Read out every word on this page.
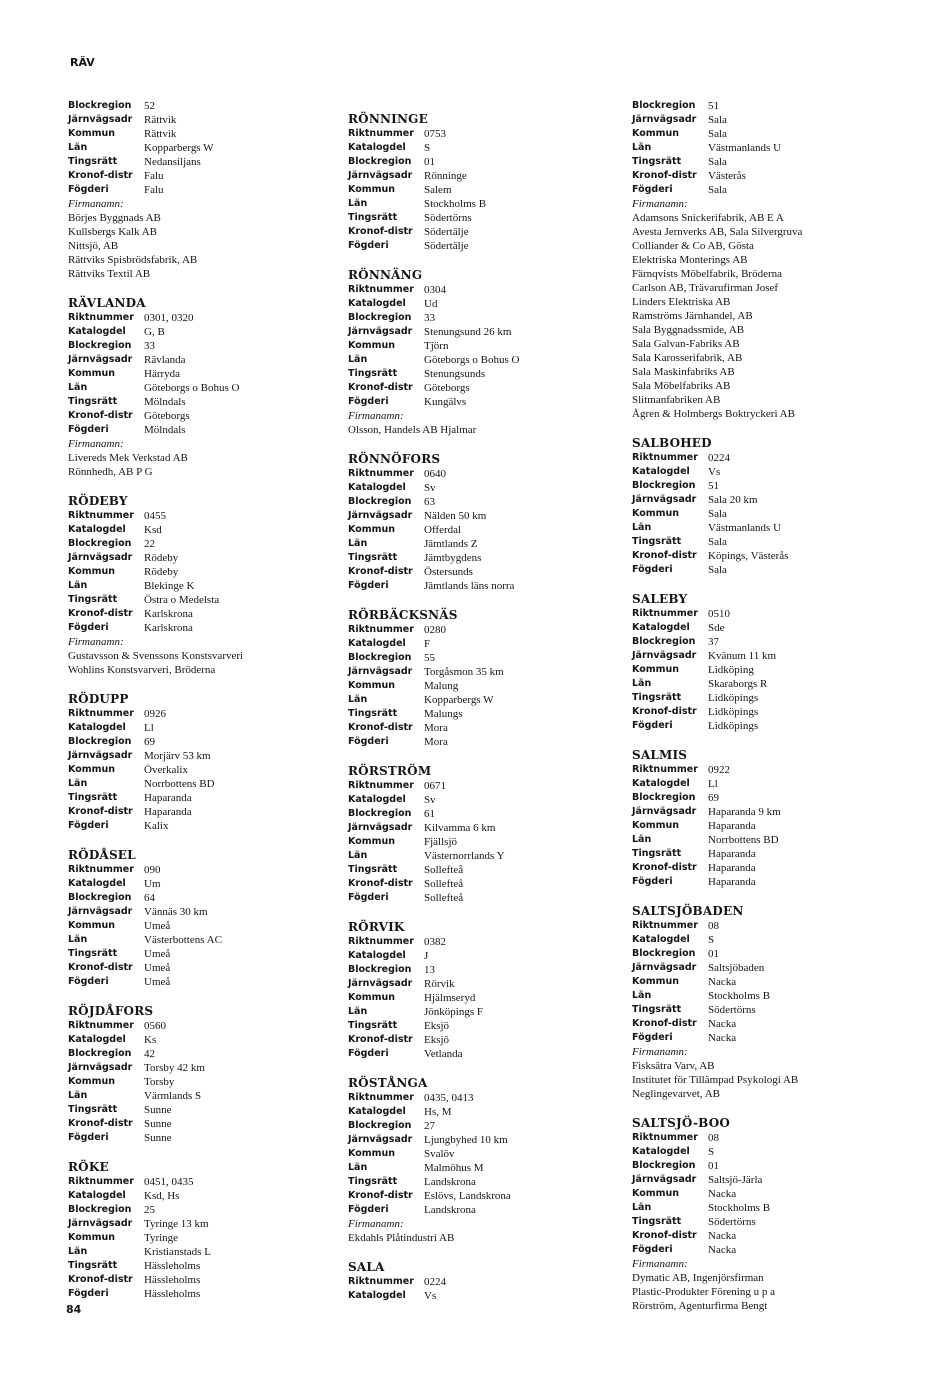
RÄV
Blockregion	52
Järnvägsadr	Rättvik
Kommun	Rättvik
Län	Kopparbergs W
Tingsrätt	Nedansiljans
Kronof-distr	Falu
Fögderi	Falu
Firmanamn:
Börjes Byggnads AB
Kullsbergs Kalk AB
Nittsjö, AB
Rättviks Spisbrödsfabrik, AB
Rättviks Textil AB
RÄVLANDA
Riktnummer 0301, 0320
Katalogdel	G, B
Blockregion	33
Järnvägsadr	Rävlanda
Kommun	Härryda
Län	Göteborgs o Bohus O
Tingsrätt	Mölndals
Kronof-distr	Göteborgs
Fögderi	Mölndals
Firmanamn:
Livereds Mek Verkstad AB
Rönnhedh, AB P G
RÖDEBY
Riktnummer 0455
Katalogdel	Ksd
Blockregion	22
Järnvägsadr	Rödeby
Kommun	Rödeby
Län	Blekinge K
Tingsrätt	Östra o Medelsta
Kronof-distr	Karlskrona
Fögderi	Karlskrona
Firmanamn:
Gustavsson & Svenssons Konstsvarveri
Wohlins Konstsvarveri, Bröderna
RÖDUPP
Riktnummer 0926
Katalogdel	Ll
Blockregion	69
Järnvägsadr	Morjärv 53 km
Kommun	Överkalix
Län	Norrbottens BD
Tingsrätt	Haparanda
Kronof-distr	Haparanda
Fögderi	Kalix
RÖDÅSEL
Riktnummer 090
Katalogdel	Um
Blockregion	64
Järnvägsadr	Vännäs 30 km
Kommun	Umeå
Län	Västerbottens AC
Tingsrätt	Umeå
Kronof-distr	Umeå
Fögderi	Umeå
RÖJDÅFORS
Riktnummer 0560
Katalogdel	Ks
Blockregion	42
Järnvägsadr	Torsby 42 km
Kommun	Torsby
Län	Värmlands S
Tingsrätt	Sunne
Kronof-distr	Sunne
Fögderi	Sunne
RÖKE
Riktnummer 0451, 0435
Katalogdel	Ksd, Hs
Blockregion	25
Järnvägsadr	Tyringe 13 km
Kommun	Tyringe
Län	Kristianstads L
Tingsrätt	Hässleholms
Kronof-distr	Hässleholms
Fögderi	Hässleholms
RÖNNINGE
Riktnummer 0753
Katalogdel	S
Blockregion	01
Järnvägsadr	Rönninge
Kommun	Salem
Län	Stockholms B
Tingsrätt	Södertörns
Kronof-distr	Södertälje
Fögderi	Södertälje
RÖNNÄNG
Riktnummer 0304
Katalogdel	Ud
Blockregion	33
Järnvägsadr	Stenungsund 26 km
Kommun	Tjörn
Län	Göteborgs o Bohus O
Tingsrätt	Stenungsunds
Kronof-distr	Göteborgs
Fögderi	Kungälvs
Firmanamn:
Olsson, Handels AB Hjalmar
RÖNNÖFORS
Riktnummer 0640
Katalogdel	Sv
Blockregion	63
Järnvägsadr	Nälden 50 km
Kommun	Offerdal
Län	Jämtlands Z
Tingsrätt	Jämtbygdens
Kronof-distr	Östersunds
Fögderi	Jämtlands läns norra
RÖRBÄCKSNÄS
Riktnummer 0280
Katalogdel	F
Blockregion	55
Järnvägsadr	Torgåsmon 35 km
Kommun	Malung
Län	Kopparbergs W
Tingsrätt	Malungs
Kronof-distr	Mora
Fögderi	Mora
RÖRSTRÖM
Riktnummer 0671
Katalogdel	Sv
Blockregion	61
Järnvägsadr	Kilvamma 6 km
Kommun	Fjällsjö
Län	Västernorrlands Y
Tingsrätt	Sollefteå
Kronof-distr	Sollefteå
Fögderi	Sollefteå
RÖRVIK
Riktnummer 0382
Katalogdel	J
Blockregion	13
Järnvägsadr	Rörvik
Kommun	Hjälmseryd
Län	Jönköpings F
Tingsrätt	Eksjö
Kronof-distr	Eksjö
Fögderi	Vetlanda
RÖSTÅNGA
Riktnummer 0435, 0413
Katalogdel	Hs, M
Blockregion	27
Järnvägsadr	Ljungbyhed 10 km
Kommun	Svalöv
Län	Malmöhus M
Tingsrätt	Landskrona
Kronof-distr	Eslövs, Landskrona
Fögderi	Landskrona
Firmanamn:
Ekdahls Plåtindustri AB
SALA
Riktnummer 0224
Katalogdel	Vs
Blockregion	51
Järnvägsadr	Sala
Kommun	Sala
Län	Västmanlands U
Tingsrätt	Sala
Kronof-distr	Västerås
Fögderi	Sala
Firmanamn:
Adamsons Snickerifabrik, AB E A
Avesta Jernverks AB, Sala Silvergruva
Colliander & Co AB, Gösta
Elektriska Monterings AB
Färnqvists Möbelfabrik, Bröderna
Carlson AB, Trävarufirman Josef
Linders Elektriska AB
Ramströms Järnhandel, AB
Sala Byggnadssmide, AB
Sala Galvan-Fabriks AB
Sala Karosserifabrik, AB
Sala Maskinfabriks AB
Sala Möbelfabriks AB
Slitmanfabriken AB
Ågren & Holmbergs Boktryckeri AB
SALBOHED
Riktnummer 0224
Katalogdel	Vs
Blockregion	51
Järnvägsadr	Sala 20 km
Kommun	Sala
Län	Västmanlands U
Tingsrätt	Sala
Kronof-distr	Köpings, Västerås
Fögderi	Sala
SALEBY
Riktnummer 0510
Katalogdel	Sde
Blockregion	37
Järnvägsadr	Kvänum 11 km
Kommun	Lidköping
Län	Skaraborgs R
Tingsrätt	Lidköpings
Kronof-distr	Lidköpings
Fögderi	Lidköpings
SALMIS
Riktnummer 0922
Katalogdel	Ll
Blockregion	69
Järnvägsadr	Haparanda 9 km
Kommun	Haparanda
Län	Norrbottens BD
Tingsrätt	Haparanda
Kronof-distr	Haparanda
Fögderi	Haparanda
SALTSJÖBADEN
Riktnummer 08
Katalogdel	S
Blockregion	01
Järnvägsadr	Saltsjöbaden
Kommun	Nacka
Län	Stockholms B
Tingsrätt	Södertörns
Kronof-distr	Nacka
Fögderi	Nacka
Firmanamn:
Fisksätra Varv, AB
Institutet för Tillämpad Psykologi AB
Neglingevarvet, AB
SALTSJÖ-BOO
Riktnummer 08
Katalogdel	S
Blockregion	01
Järnvägsadr	Saltsjö-Järla
Kommun	Nacka
Län	Stockholms B
Tingsrätt	Södertörns
Kronof-distr	Nacka
Fögderi	Nacka
Firmanamn:
Dymatic AB, Ingenjörsfirman
Plastic-Produkter Förening u p a
Rörström, Agenturfirma Bengt
84
